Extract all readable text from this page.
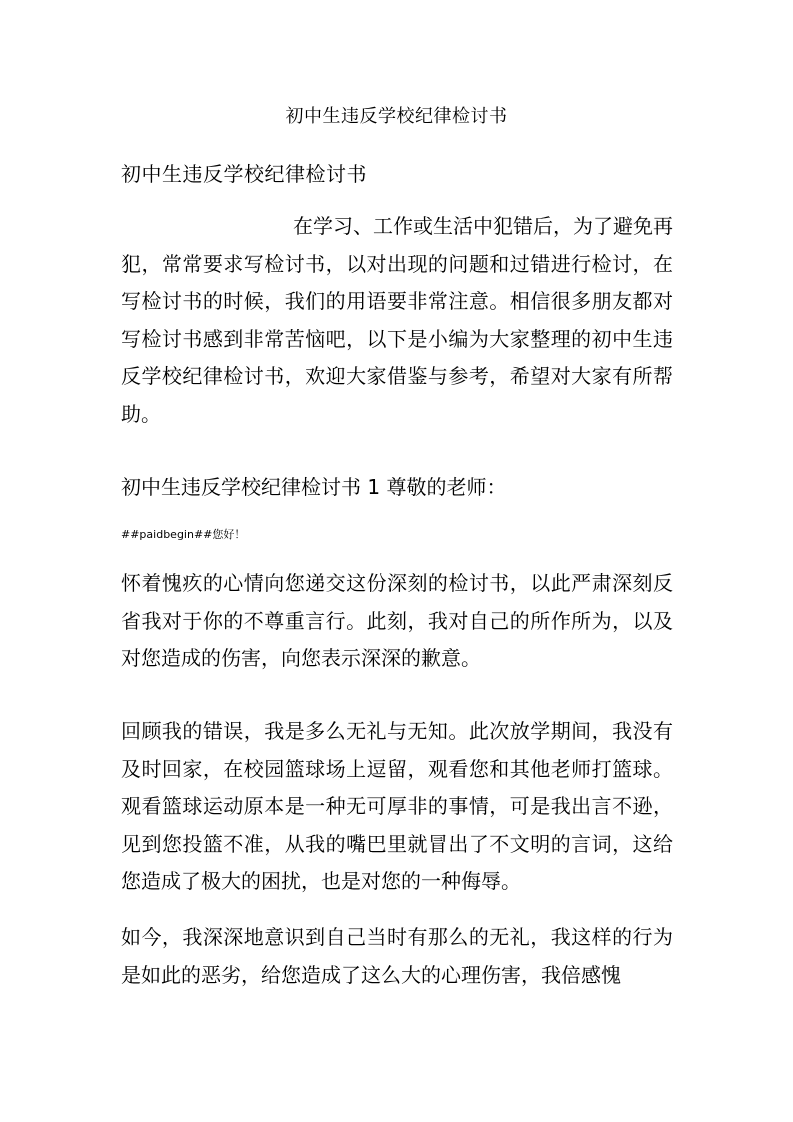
初中生违反学校纪律检讨书
初中生违反学校纪律检讨书

在学习、工作或生活中犯错后，为了避免再犯，常常要求写检讨书，以对出现的问题和过错进行检讨，在写检讨书的时候，我们的用语要非常注意。相信很多朋友都对写检讨书感到非常苦恼吧，以下是小编为大家整理的初中生违反学校纪律检讨书，欢迎大家借鉴与参考，希望对大家有所帮助。

初中生违反学校纪律检讨书 1 尊敬的老师：

##paidbegin##您好！

怀着愧疚的心情向您递交这份深刻的检讨书，以此严肃深刻反省我对于你的不尊重言行。此刻，我对自己的所作所为，以及对您造成的伤害，向您表示深深的歉意。

回顾我的错误，我是多么无礼与无知。此次放学期间，我没有及时回家，在校园篮球场上逗留，观看您和其他老师打篮球。观看篮球运动原本是一种无可厚非的事情，可是我出言不逊，见到您投篮不准，从我的嘴巴里就冒出了不文明的言词，这给您造成了极大的困扰，也是对您的一种侮辱。

如今，我深深地意识到自己当时有那么的无礼，我这样的行为是如此的恶劣，给您造成了这么大的心理伤害，我倍感愧
